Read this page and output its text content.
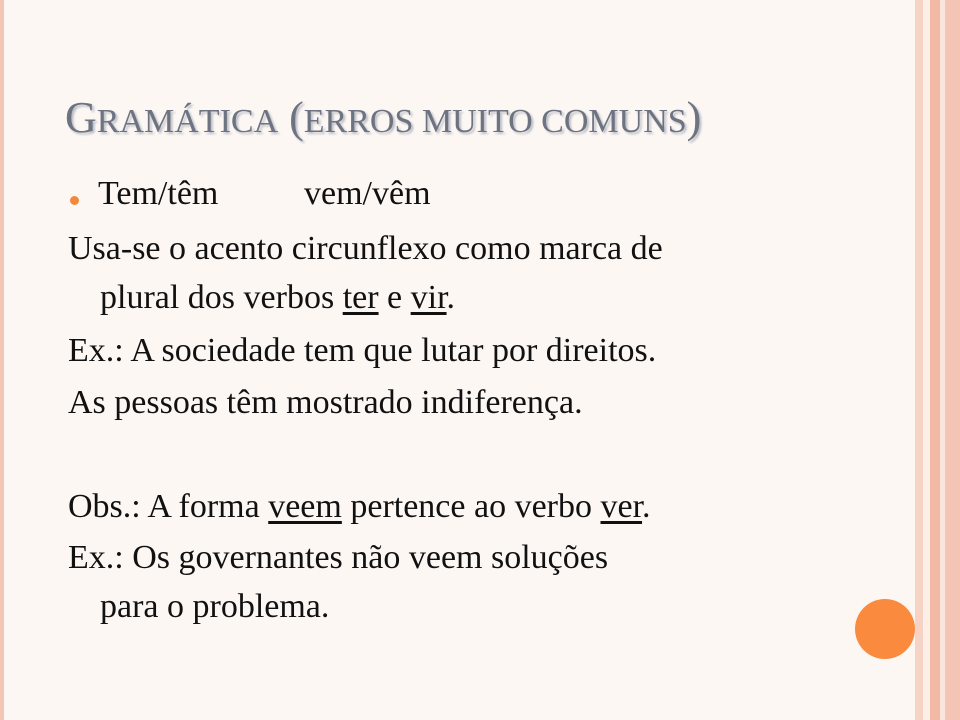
GRAMÁTICA (ERROS MUITO COMUNS)
Tem/têm	vem/vêm
Usa-se o acento circunflexo como marca de
plural dos verbos ter e vir.
Ex.: A sociedade tem que lutar por direitos.
As pessoas têm mostrado indiferença.
Obs.: A forma veem pertence ao verbo ver.
Ex.: Os governantes não veem soluções
para o problema.
